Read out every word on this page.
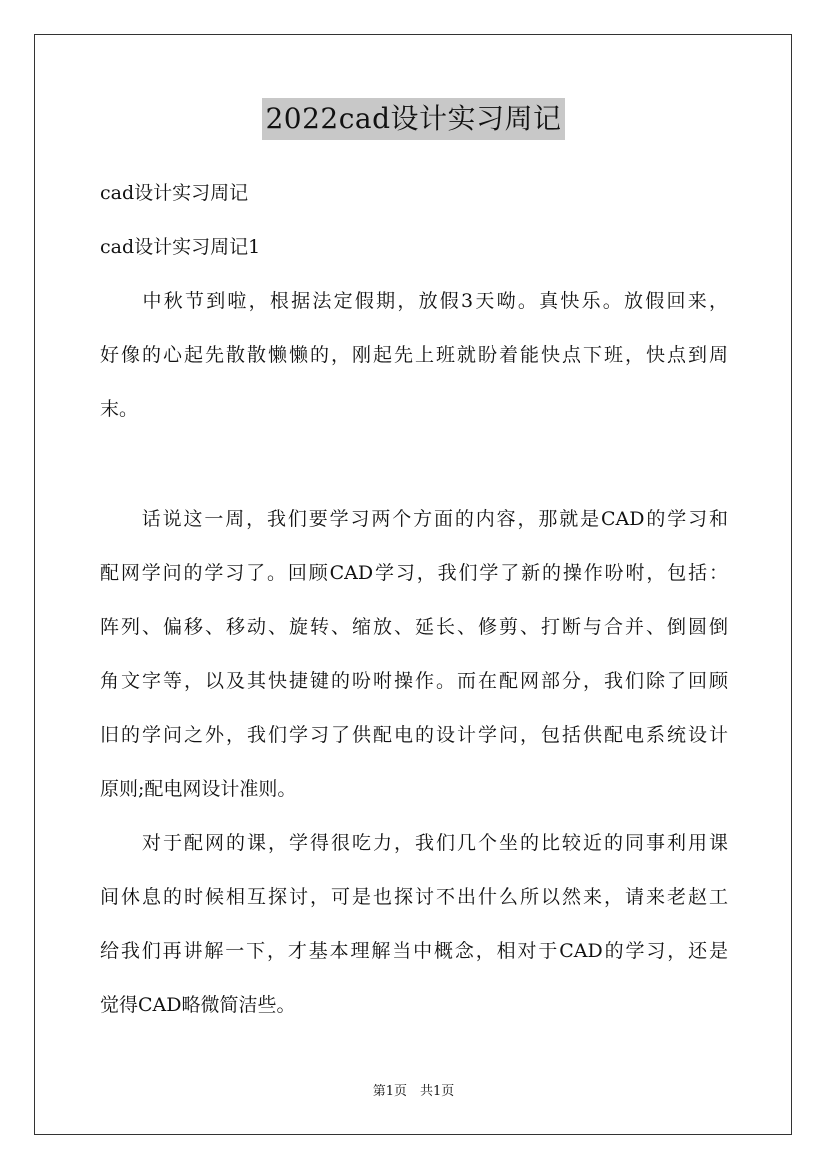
2022cad设计实习周记
cad设计实习周记
cad设计实习周记1
　　中秋节到啦，根据法定假期，放假3天呦。真快乐。放假回来，
好像的心起先散散懒懒的，刚起先上班就盼着能快点下班，快点到周
末。
　　话说这一周，我们要学习两个方面的内容，那就是CAD的学习和
配网学问的学习了。回顾CAD学习，我们学了新的操作吩咐，包括：
阵列、偏移、移动、旋转、缩放、延长、修剪、打断与合并、倒圆倒
角文字等，以及其快捷键的吩咐操作。而在配网部分，我们除了回顾
旧的学问之外，我们学习了供配电的设计学问，包括供配电系统设计
原则;配电网设计准则。
　　对于配网的课，学得很吃力，我们几个坐的比较近的同事利用课
间休息的时候相互探讨，可是也探讨不出什么所以然来，请来老赵工
给我们再讲解一下，才基本理解当中概念，相对于CAD的学习，还是
觉得CAD略微简洁些。
第1页　共1页
